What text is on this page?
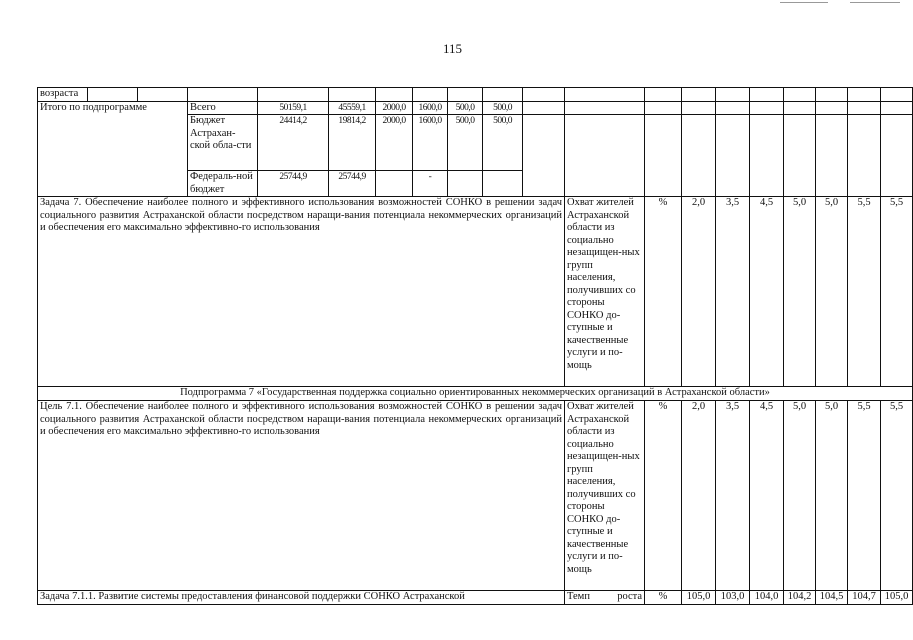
115
возраста																			
Итого по подпрограмме			Всего	50159,1	45559,1	2000,0	1600,0	500,0	500,0										
			Бюджет Астрахан-ской обла-сти	24414,2	19814,2	2000,0	1600,0	500,0	500,0										
			Федераль-ной бюджет	25744,9	25744,9		-												
Задача 7. Обеспечение наиболее полного и эффективного использования возможностей СОНКО в решении задач социального развития Астраханской области посредством наращи-вания потенциала некоммерческих организаций и обеспечения его максимально эффективно-го использования											Охват жителей Астраханской области из социально незащищен-ных групп населения, получивших со стороны СОНКО до-ступные и качественные услуги и по-мощь	%	2,0	3,5	4,5	5,0	5,0	5,5	5,5
Подпрограмма 7 «Государственная поддержка социально ориентированных некоммерческих организаций в Астраханской области»																			
Цель 7.1. Обеспечение наиболее полного и эффективного использования возможностей СОНКО в решении задач социального развития Астраханской области посредством наращи-вания потенциала некоммерческих организаций и обеспечения его максимально эффективно-го использования											Охват жителей Астраханской области из социально незащищен-ных групп населения, получивших со стороны СОНКО до-ступные и качественные услуги и по-мощь	%	2,0	3,5	4,5	5,0	5,0	5,5	5,5
Задача 7.1.1. Развитие системы предоставления финансовой поддержки СОНКО Астраханской											Темп роста	%	105,0	103,0	104,0	104,2	104,5	104,7	105,0
